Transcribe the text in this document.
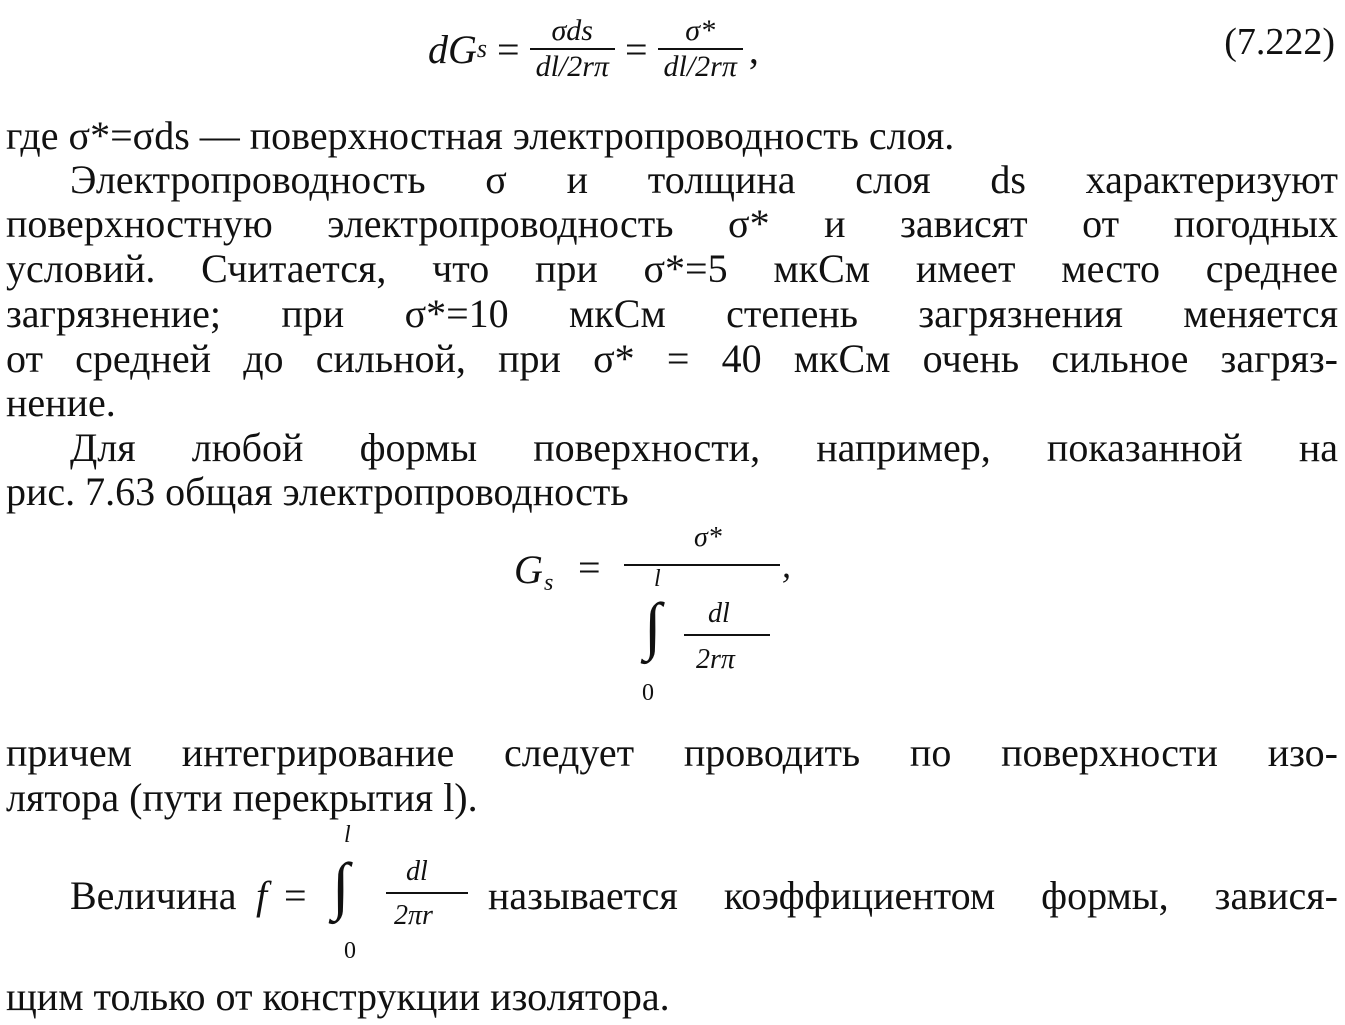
dG $s = \frac{\text{σds}}{dl/2r\pi} = \frac{\sigma*}{dl/2r\pi}$ ,	(7.222)
где σ*=σds — поверхностная электропроводность слоя.
Электропроводность σ и толщина слоя ds характеризуют
поверхностную электропроводность σ* и зависят от погодных
условий. Считается, что при σ*=5 мкСм имеет место среднее
загрязнение; при σ*=10 мкСм степень загрязнения меняется
от средней до сильной, при σ* = 40 мкСм очень сильное загряз-
нение.
Для любой формы поверхности, например, показанной на
рис. 7.63 общая электропроводность
G s =
σ*
,
l
∫
0
dl
2rπ
причем интегрирование следует проводить по поверхности изо-
лятора (пути перекрытия l).
Величина f =
l
∫
0
dl
2πr называется коэффициентом формы, завися-
щим только от конструкции изолятора.
